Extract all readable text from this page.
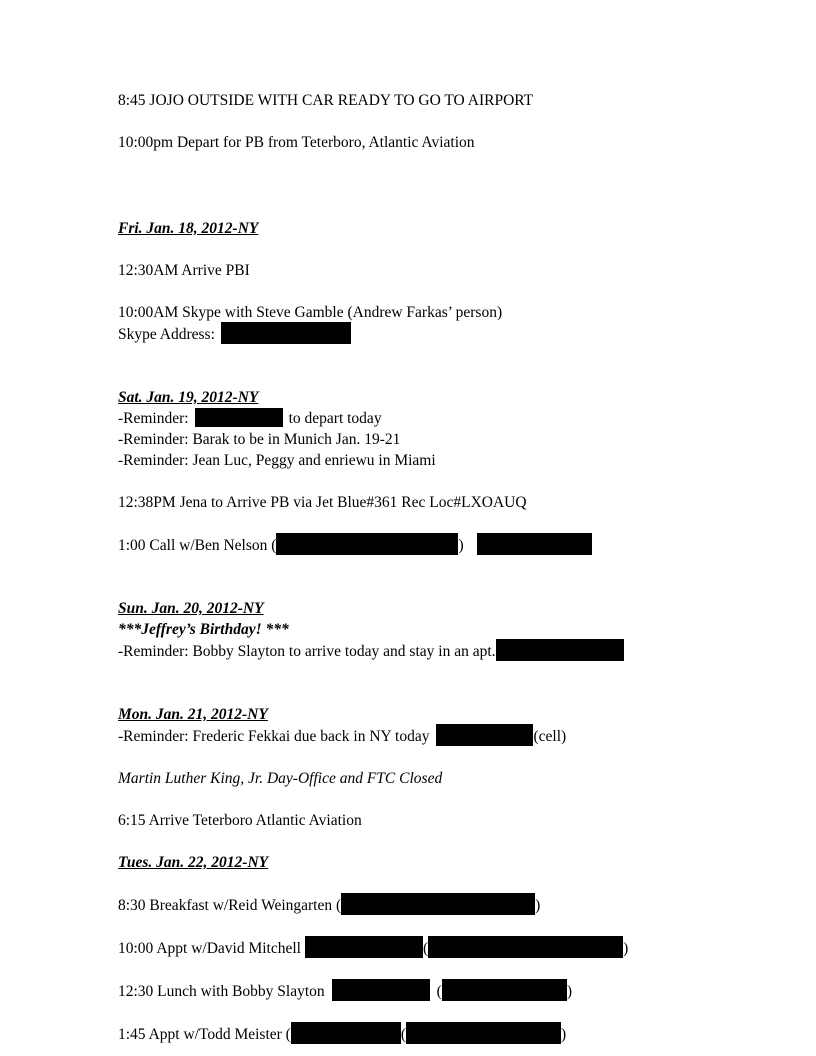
8:45 JOJO OUTSIDE WITH CAR READY TO GO TO AIRPORT
10:00pm Depart for PB from Teterboro, Atlantic Aviation
Fri. Jan. 18, 2012-NY
12:30AM Arrive PBI
10:00AM Skype with Steve Gamble (Andrew Farkas’ person)
Skype Address:
Sat. Jan. 19, 2012-NY
-Reminder:	to depart today
-Reminder: Barak to be in Munich Jan. 19-21
-Reminder: Jean Luc, Peggy and enriewu in Miami
12:38PM Jena to Arrive PB via Jet Blue#361 Rec Loc#LXOAUQ
1:00 Call w/Ben Nelson (	)
Sun. Jan. 20, 2012-NY
***Jeffrey’s Birthday! ***
-Reminder: Bobby Slayton to arrive today and stay in an apt.
Mon. Jan. 21, 2012-NY
-Reminder: Frederic Fekkai due back in NY today	(cell)
Martin Luther King, Jr. Day-Office and FTC Closed
6:15 Arrive Teterboro Atlantic Aviation
Tues. Jan. 22, 2012-NY
8:30 Breakfast w/Reid Weingarten (	)
10:00 Appt w/David Mitchell	(	)
12:30 Lunch with Bobby Slayton	(	)
1:45 Appt w/Todd Meister (	(	)
